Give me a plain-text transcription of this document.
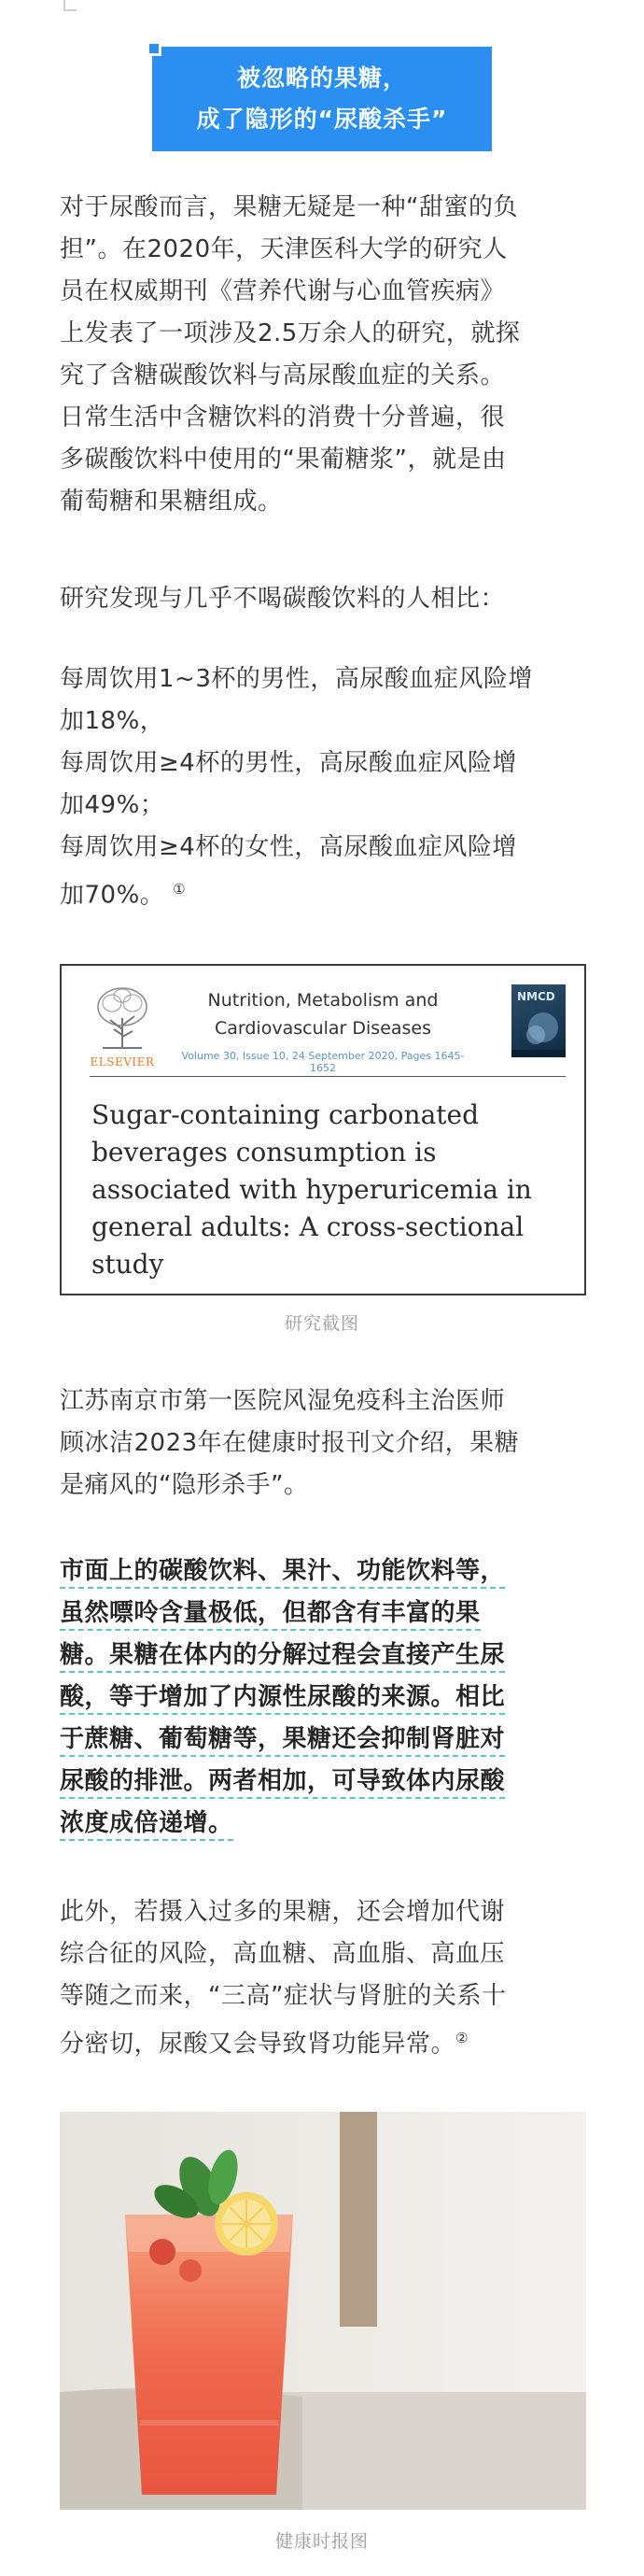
被忽略的果糖，
成了隐形的“尿酸杀手”

对于尿酸而言，果糖无疑是一种“甜蜜的负
担”。在2020年，天津医科大学的研究人
员在权威期刊《营养代谢与心血管疾病》
上发表了一项涉及2.5万余人的研究，就探
究了含糖碳酸饮料与高尿酸血症的关系。
日常生活中含糖饮料的消费十分普遍，很
多碳酸饮料中使用的“果葡糖浆”，就是由
葡萄糖和果糖组成。

研究发现与几乎不喝碳酸饮料的人相比：

每周饮用1~3杯的男性，高尿酸血症风险增
加18%，
每周饮用≥4杯的男性，高尿酸血症风险增
加49%；
每周饮用≥4杯的女性，高尿酸血症风险增
加70%。 ①

ELSEVIER
Nutrition, Metabolism and
Cardiovascular Diseases
Volume 30, Issue 10, 24 September 2020, Pages 1645-1652
NMCD
Sugar-containing carbonated
beverages consumption is
associated with hyperuricemia in
general adults: A cross-sectional
study
研究截图

江苏南京市第一医院风湿免疫科主治医师
顾冰洁2023年在健康时报刊文介绍，果糖
是痛风的“隐形杀手”。

市面上的碳酸饮料、果汁、功能饮料等，
虽然嘌呤含量极低，但都含有丰富的果
糖。果糖在体内的分解过程会直接产生尿
酸，等于增加了内源性尿酸的来源。相比
于蔗糖、葡萄糖等，果糖还会抑制肾脏对
尿酸的排泄。两者相加，可导致体内尿酸
浓度成倍递增。

此外，若摄入过多的果糖，还会增加代谢
综合征的风险，高血糖、高血脂、高血压
等随之而来，“三高”症状与肾脏的关系十
分密切，尿酸又会导致肾功能异常。②

健康时报图
